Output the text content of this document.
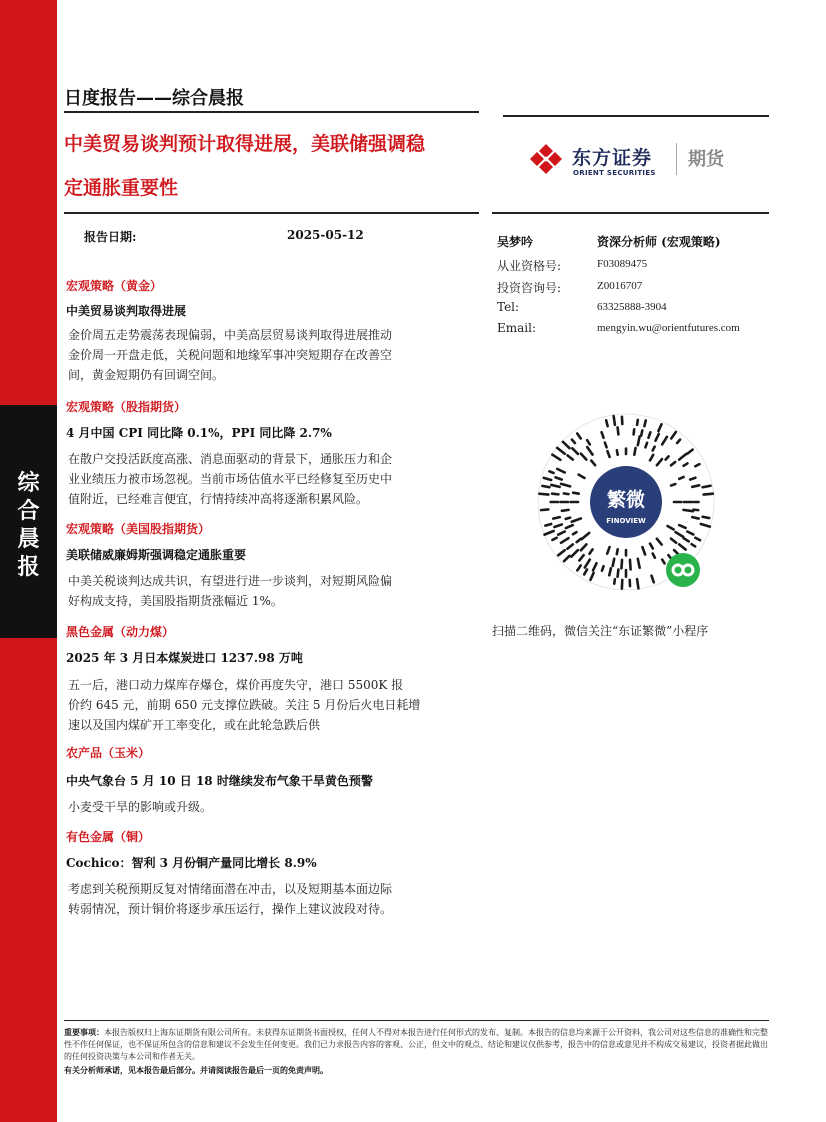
综
合
晨
报
日度报告——综合晨报
中美贸易谈判预计取得进展，美联储强调稳
定通胀重要性
报告日期:	2025-05-12
东方证券
ORIENT SECURITIES
期货
吴梦吟	资深分析师 (宏观策略)
从业资格号:	F03089475
投资咨询号:	Z0016707
Tel:	63325888-3904
Email:	mengyin.wu@orientfutures.com
繁微
FINOVIEW
扫描二维码，微信关注“东证繁微”小程序
宏观策略（黄金）
中美贸易谈判取得进展
金价周五走势震荡表现偏弱，中美高层贸易谈判取得进展推动
金价周一开盘走低，关税问题和地缘军事冲突短期存在改善空
间，黄金短期仍有回调空间。
宏观策略（股指期货）
4 月中国 CPI 同比降 0.1%，PPI 同比降 2.7%
在散户交投活跃度高涨、消息面驱动的背景下，通胀压力和企
业业绩压力被市场忽视。当前市场估值水平已经修复至历史中
值附近，已经难言便宜，行情持续冲高将逐渐积累风险。
宏观策略（美国股指期货）
美联储威廉姆斯强调稳定通胀重要
中美关税谈判达成共识，有望进行进一步谈判，对短期风险偏
好构成支持，美国股指期货涨幅近 1%。
黑色金属（动力煤）
2025 年 3 月日本煤炭进口 1237.98 万吨
五一后，港口动力煤库存爆仓，煤价再度失守，港口 5500K 报
价约 645 元，前期 650 元支撑位跌破。关注 5 月份后火电日耗增
速以及国内煤矿开工率变化，或在此轮急跌后供
农产品（玉米）
中央气象台 5 月 10 日 18 时继续发布气象干旱黄色预警
小麦受干旱的影响或升级。
有色金属（铜）
Cochico：智利 3 月份铜产量同比增长 8.9%
考虑到关税预期反复对情绪面潜在冲击，以及短期基本面边际
转弱情况，预计铜价将逐步承压运行，操作上建议波段对待。
重要事项：本报告版权归上海东证期货有限公司所有。未获得东证期货书面授权，任何人不得对本报告进行任何形式的发布、复制。本报告的信息均来源于公开资料，我公司对这些信息的准确性和完整性不作任何保证，也不保证所包含的信息和建议不会发生任何变更。我们已力求报告内容的客观、公正，但文中的观点、结论和建议仅供参考，报告中的信息或意见并不构成交易建议，投资者据此做出的任何投资决策与本公司和作者无关。
有关分析师承诺，见本报告最后部分。并请阅读报告最后一页的免责声明。
